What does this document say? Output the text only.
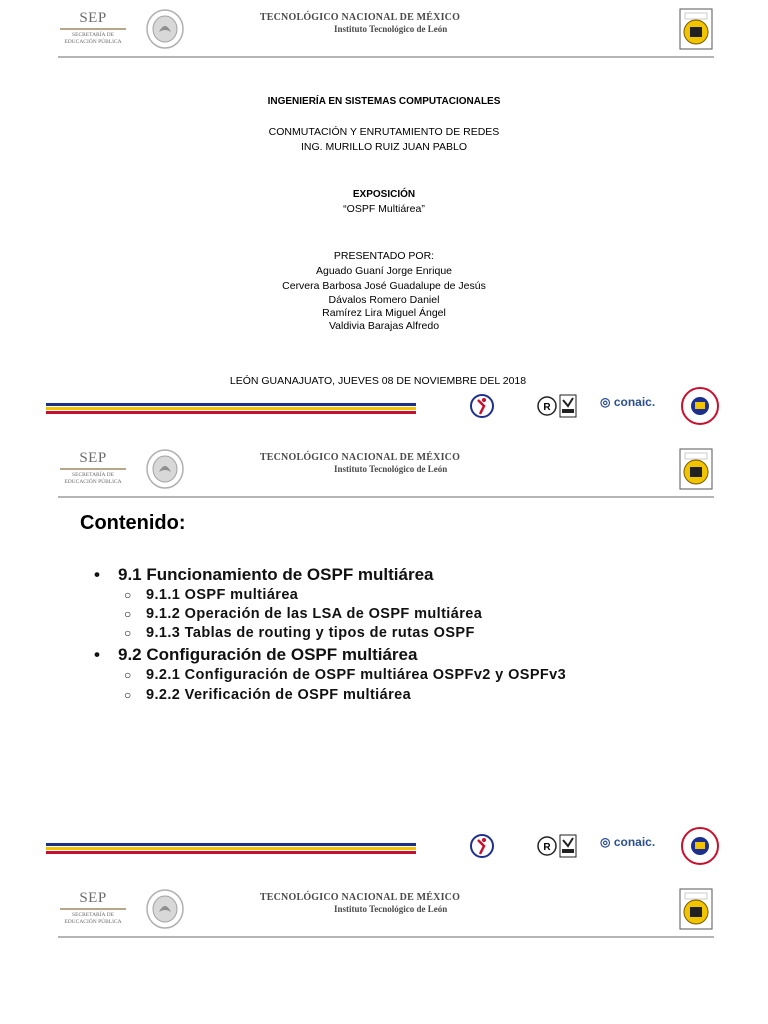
SEP
SECRETARÍA DE
EDUCACIÓN PÚBLICA
TECNOLÓGICO NACIONAL DE MÉXICO
Instituto Tecnológico de León
INGENIERÍA EN SISTEMAS COMPUTACIONALES
CONMUTACIÓN Y ENRUTAMIENTO DE REDES
ING. MURILLO RUIZ JUAN PABLO
EXPOSICIÓN
“OSPF Multiárea”
PRESENTADO POR:
Aguado Guaní Jorge Enrique
Cervera Barbosa José Guadalupe de Jesús
Dávalos Romero Daniel
Ramírez Lira Miguel Ángel
Valdivia Barajas Alfredo
LEÓN GUANAJUATO, JUEVES 08 DE NOVIEMBRE DEL 2018
R	◎ conaic.
SEP
SECRETARÍA DE
EDUCACIÓN PÚBLICA
TECNOLÓGICO NACIONAL DE MÉXICO
Instituto Tecnológico de León
Contenido:
• 9.1 Funcionamiento de OSPF multiárea
○ 9.1.1 OSPF multiárea
○ 9.1.2 Operación de las LSA de OSPF multiárea
○ 9.1.3 Tablas de routing y tipos de rutas OSPF
• 9.2 Configuración de OSPF multiárea
○ 9.2.1 Configuración de OSPF multiárea OSPFv2 y OSPFv3
○ 9.2.2 Verificación de OSPF multiárea
R	◎ conaic.
SEP
SECRETARÍA DE
EDUCACIÓN PÚBLICA
TECNOLÓGICO NACIONAL DE MÉXICO
Instituto Tecnológico de León
